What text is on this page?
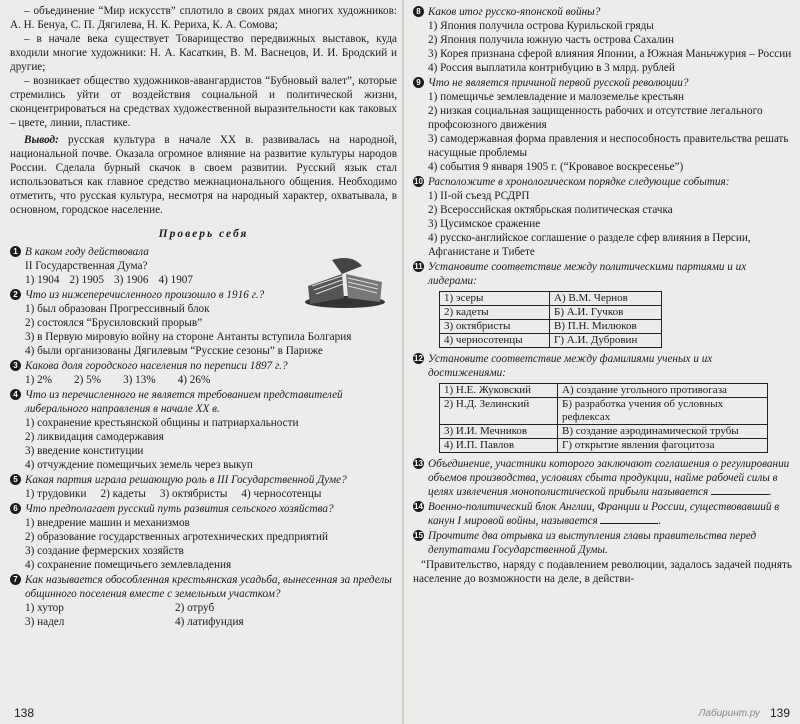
– объединение “Мир искусств” сплотило в своих рядах многих художников: А. Н. Бенуа, С. П. Дягилева, Н. К. Рериха, К. А. Сомова;

– в начале века существует Товарищество передвижных выставок, куда входили многие художники: Н. А. Касаткин, В. М. Васнецов, И. И. Бродский и другие;

– возникает общество художников-авангардистов “Бубновый валет”, которые стремились уйти от воздействия социальной и политической жизни, сконцентрироваться на средствах художественной выразительности как таковых – цвете, линии, пластике.

Вывод: русская культура в начале XX в. развивалась на народной, национальной почве. Оказала огромное влияние на развитие культуры народов России. Сделала бурный скачок в своем развитии. Русский язык стал использоваться как главное средство межнационального общения. Необходимо отметить, что русская культура, несмотря на народный характер, охватывала, в основном, городское население.

Проверь себя
1 В каком году действовала
II Государственная Дума?
1) 1904 2) 1905 3) 1906 4) 1907
2 Что из нижеперечисленного произошло в 1916 г.?
1) был образован Прогрессивный блок
2) состоялся “Брусиловский прорыв”
3) в Первую мировую войну на стороне Антанты вступила Болгария
4) были организованы Дягилевым “Русские сезоны” в Париже
3 Какова доля городского населения по переписи 1897 г.?
1) 2% 2) 5% 3) 13% 4) 26%
4 Что из перечисленного не является требованием представителей либерального направления в начале XX в.
1) сохранение крестьянской общины и патриархальности
2) ликвидация самодержавия
3) введение конституции
4) отчуждение помещичьих земель через выкуп
5 Какая партия играла решающую роль в III Государственной Думе?
1) трудовики 2) кадеты 3) октябристы 4) черносотенцы
6 Что предполагает русский путь развития сельского хозяйства?
1) внедрение машин и механизмов
2) образование государственных агротехнических предприятий
3) создание фермерских хозяйств
4) сохранение помещичьего землевладения
7 Как называется обособленная крестьянская усадьба, вынесенная за пределы общинного поселения вместе с земельным участком?
1) хутор	2) отруб
3) надел	4) латифундия
138
8 Каков итог русско-японской войны?
1) Япония получила острова Курильской гряды
2) Япония получила южную часть острова Сахалин
3) Корея признана сферой влияния Японии, а Южная Маньчжурия – России
4) Россия выплатила контрибуцию в 3 млрд. рублей
9 Что не является причиной первой русской революции?
1) помещичье землевладение и малоземелье крестьян
2) низкая социальная защищенность рабочих и отсутствие легального профсоюзного движения
3) самодержавная форма правления и неспособность правительства решать насущные проблемы
4) события 9 января 1905 г. (“Кровавое воскресенье”)
10 Расположите в хронологическом порядке следующие события:
1) II-ой съезд РСДРП
2) Всероссийская октябрьская политическая стачка
3) Цусимское сражение
4) русско-английское соглашение о разделе сфер влияния в Персии, Афганистане и Тибете
11 Установите соответствие между политическими партиями и их лидерами:
1) эсеры	А) В.М. Чернов
2) кадеты	Б) А.И. Гучков
3) октябристы	В) П.Н. Милюков
4) черносотенцы	Г) А.И. Дубровин
12 Установите соответствие между фамилиями ученых и их достижениями:
1) Н.Е. Жуковский	А) создание угольного противогаза
2) Н.Д. Зелинский	Б) разработка учения об условных рефлексах
3) И.И. Мечников	В) создание аэродинамической трубы
4) И.П. Павлов	Г) открытие явления фагоцитоза
13 Объединение, участники которого заключают соглашения о регулировании объемов производства, условиях сбыта продукции, найме рабочей силы в целях извлечения монополистической прибыли называется	.
14 Военно-политический блок Англии, Франции и России, существовавший в канун I мировой войны, называется	.
15 Прочтите два отрывка из выступления главы правительства перед депутатами Государственной Думы.

“Правительство, наряду с подавлением революции, задалось задачей поднять население до возможности на деле, в действи-

Лабиринт.ру 139
